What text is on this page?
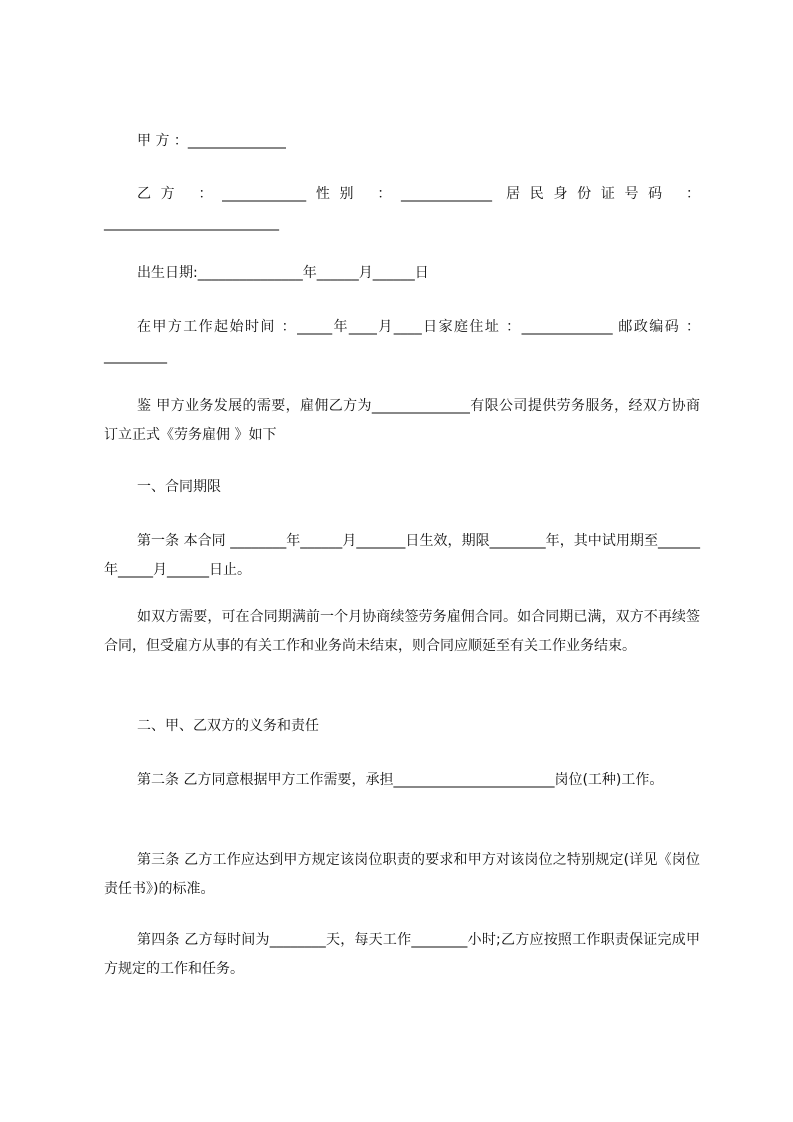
甲 方 ：______________

乙方 ：____________性别 ：_____________ 居民身份证号码 ：_________________________

出生日期:_______________年______月______日

在甲方工作起始时间 ：_____年____月____日家庭住址 ：_____________ 邮政编码 ：_________

鉴 甲方业务发展的需要，雇佣乙方为______________有限公司提供劳务服务，经双方协商订立正式《劳务雇佣 》如下

一、合同期限

第一条 本合同 ________年______月_______日生效，期限________年，其中试用期至______年_____月______日止。

如双方需要，可在合同期满前一个月协商续签劳务雇佣合同。如合同期已满，双方不再续签合同，但受雇方从事的有关工作和业务尚未结束，则合同应顺延至有关工作业务结束。

二、甲、乙双方的义务和责任

第二条 乙方同意根据甲方工作需要，承担_______________________岗位(工种)工作。

第三条 乙方工作应达到甲方规定该岗位职责的要求和甲方对该岗位之特别规定(详见《岗位责任书》)的标准。

第四条 乙方每时间为________天，每天工作________小时;乙方应按照工作职责保证完成甲方规定的工作和任务。
